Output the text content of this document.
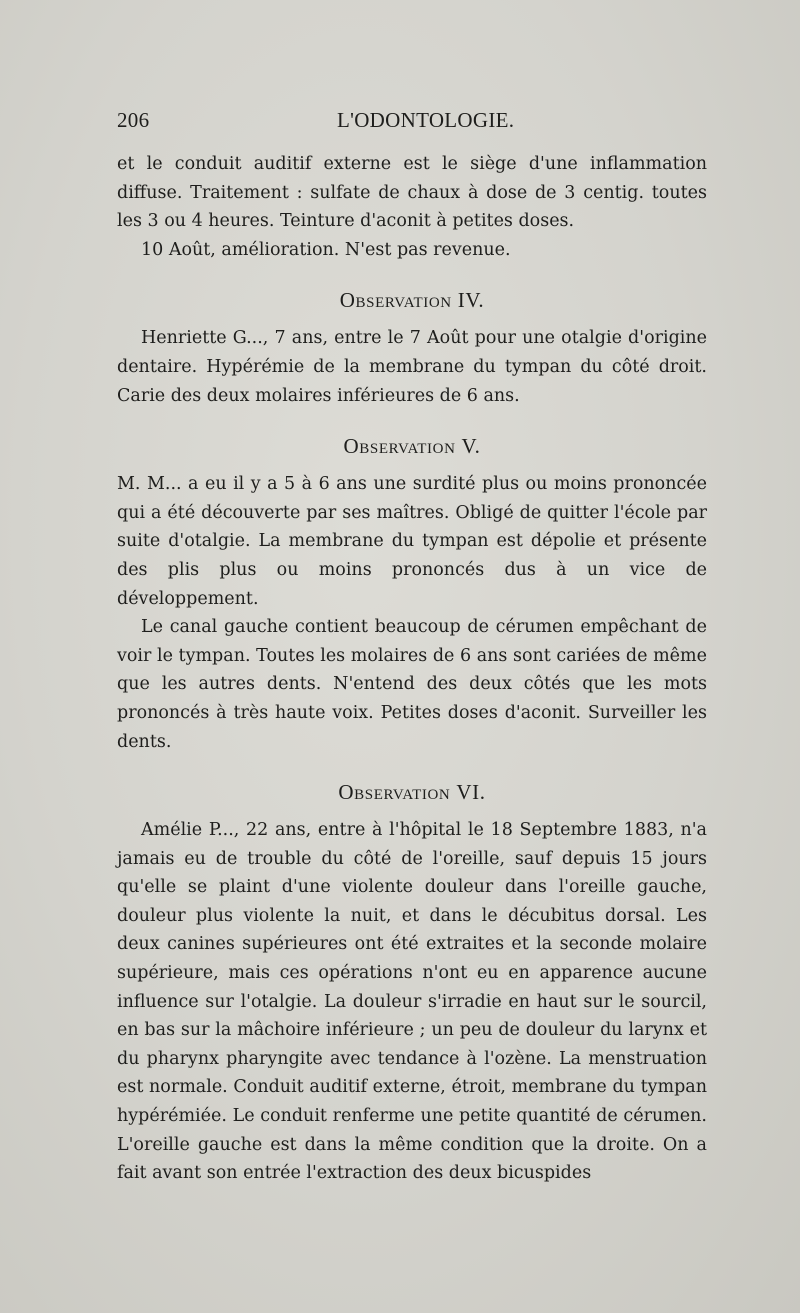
206	L'ODONTOLOGIE.

et le conduit auditif externe est le siège d'une inflammation diffuse. Traitement : sulfate de chaux à dose de 3 centig. toutes les 3 ou 4 heures. Teinture d'aconit à petites doses.

10 Août, amélioration. N'est pas revenue.

Observation IV.

Henriette G..., 7 ans, entre le 7 Août pour une otalgie d'origine dentaire. Hypérémie de la membrane du tympan du côté droit. Carie des deux molaires inférieures de 6 ans.

Observation V.

M. M... a eu il y a 5 à 6 ans une surdité plus ou moins prononcée qui a été découverte par ses maîtres. Obligé de quitter l'école par suite d'otalgie. La membrane du tympan est dépolie et présente des plis plus ou moins prononcés dus à un vice de développement.

Le canal gauche contient beaucoup de cérumen empêchant de voir le tympan. Toutes les molaires de 6 ans sont cariées de même que les autres dents. N'entend des deux côtés que les mots prononcés à très haute voix. Petites doses d'aconit. Surveiller les dents.

Observation VI.

Amélie P..., 22 ans, entre à l'hôpital le 18 Septembre 1883, n'a jamais eu de trouble du côté de l'oreille, sauf depuis 15 jours qu'elle se plaint d'une violente douleur dans l'oreille gauche, douleur plus violente la nuit, et dans le décubitus dorsal. Les deux canines supérieures ont été extraites et la seconde molaire supérieure, mais ces opérations n'ont eu en apparence aucune influence sur l'otalgie. La douleur s'irradie en haut sur le sourcil, en bas sur la mâchoire inférieure ; un peu de douleur du larynx et du pharynx pharyngite avec tendance à l'ozène. La menstruation est normale. Conduit auditif externe, étroit, membrane du tympan hypérémiée. Le conduit renferme une petite quantité de cérumen. L'oreille gauche est dans la même condition que la droite. On a fait avant son entrée l'extraction des deux bicuspides
